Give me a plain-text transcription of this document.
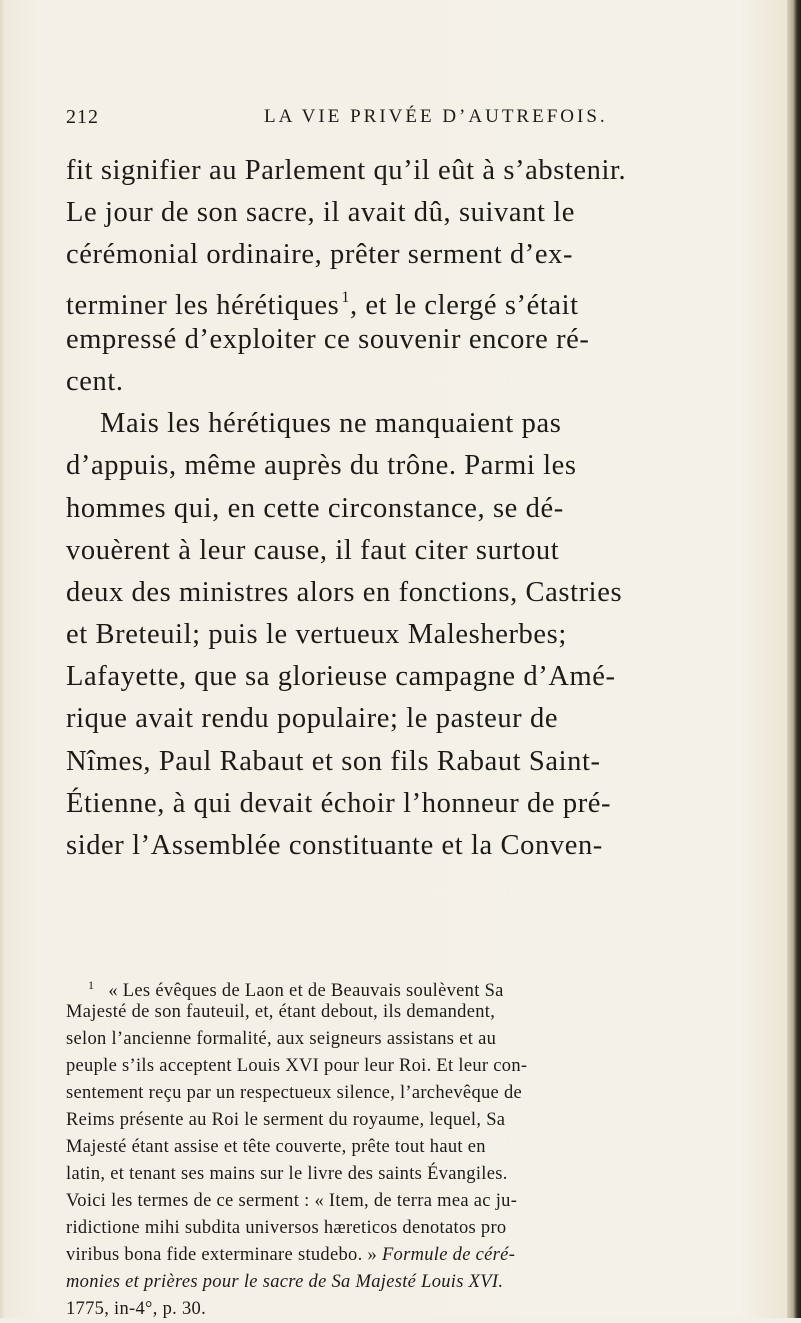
212	LA VIE PRIVÉE D’AUTREFOIS.
fit signifier au Parlement qu’il eût à s’abstenir.
Le jour de son sacre, il avait dû, suivant le
cérémonial ordinaire, prêter serment d’ex-
terminer les hérétiques $^1$, et le clergé s’était
empressé d’exploiter ce souvenir encore ré-
cent.
Mais les hérétiques ne manquaient pas
d’appuis, même auprès du trône. Parmi les
hommes qui, en cette circonstance, se dé-
vouèrent à leur cause, il faut citer surtout
deux des ministres alors en fonctions, Castries
et Breteuil; puis le vertueux Malesherbes;
Lafayette, que sa glorieuse campagne d’Amé-
rique avait rendu populaire; le pasteur de
Nîmes, Paul Rabaut et son fils Rabaut Saint-
Étienne, à qui devait échoir l’honneur de pré-
sider l’Assemblée constituante et la Conven-
$^1$ « Les évêques de Laon et de Beauvais soulèvent Sa
Majesté de son fauteuil, et, étant debout, ils demandent,
selon l’ancienne formalité, aux seigneurs assistans et au
peuple s’ils acceptent Louis XVI pour leur Roi. Et leur con-
sentement reçu par un respectueux silence, l’archevêque de
Reims présente au Roi le serment du royaume, lequel, Sa
Majesté étant assise et tête couverte, prête tout haut en
latin, et tenant ses mains sur le livre des saints Évangiles.
Voici les termes de ce serment : « Item, de terra mea ac ju-
ridictione mihi subdita universos hæreticos denotatos pro
viribus bona fide exterminare studebo. » Formule de céré-
monies et prières pour le sacre de Sa Majesté Louis XVI.
1775, in-4°, p. 30.
